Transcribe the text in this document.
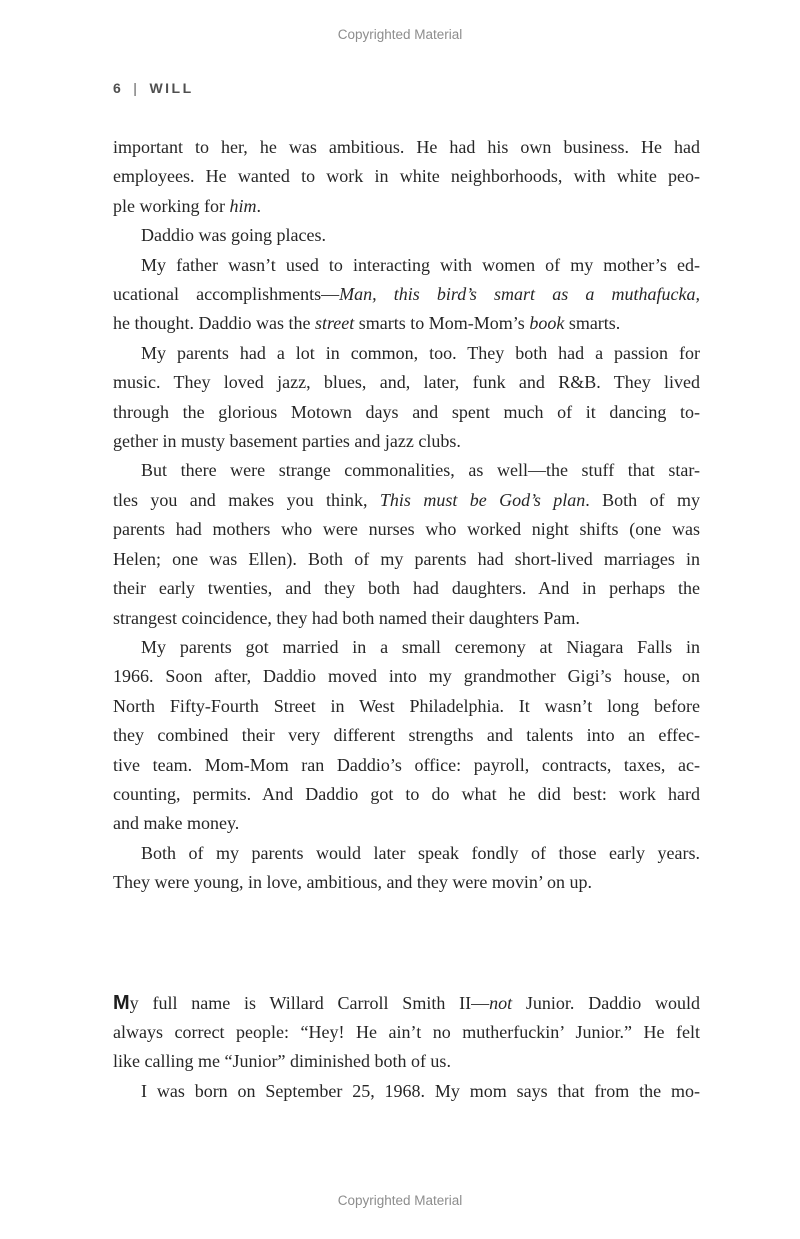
Copyrighted Material
6 | WILL
important to her, he was ambitious. He had his own business. He had
employees. He wanted to work in white neighborhoods, with white peo-
ple working for him.
Daddio was going places.
My father wasn’t used to interacting with women of my mother’s ed-
ucational accomplishments—Man, this bird’s smart as a muthafucka,
he thought. Daddio was the street smarts to Mom-Mom’s book smarts.
My parents had a lot in common, too. They both had a passion for
music. They loved jazz, blues, and, later, funk and R&B. They lived
through the glorious Motown days and spent much of it dancing to-
gether in musty basement parties and jazz clubs.
But there were strange commonalities, as well—the stuff that star-
tles you and makes you think, This must be God’s plan. Both of my
parents had mothers who were nurses who worked night shifts (one was
Helen; one was Ellen). Both of my parents had short-lived marriages in
their early twenties, and they both had daughters. And in perhaps the
strangest coincidence, they had both named their daughters Pam.
My parents got married in a small ceremony at Niagara Falls in
1966. Soon after, Daddio moved into my grandmother Gigi’s house, on
North Fifty-Fourth Street in West Philadelphia. It wasn’t long before
they combined their very different strengths and talents into an effec-
tive team. Mom-Mom ran Daddio’s office: payroll, contracts, taxes, ac-
counting, permits. And Daddio got to do what he did best: work hard
and make money.
Both of my parents would later speak fondly of those early years.
They were young, in love, ambitious, and they were movin’ on up.
My full name is Willard Carroll Smith II—not Junior. Daddio would
always correct people: “Hey! He ain’t no mutherfuckin’ Junior.” He felt
like calling me “Junior” diminished both of us.
I was born on September 25, 1968. My mom says that from the mo-
Copyrighted Material
